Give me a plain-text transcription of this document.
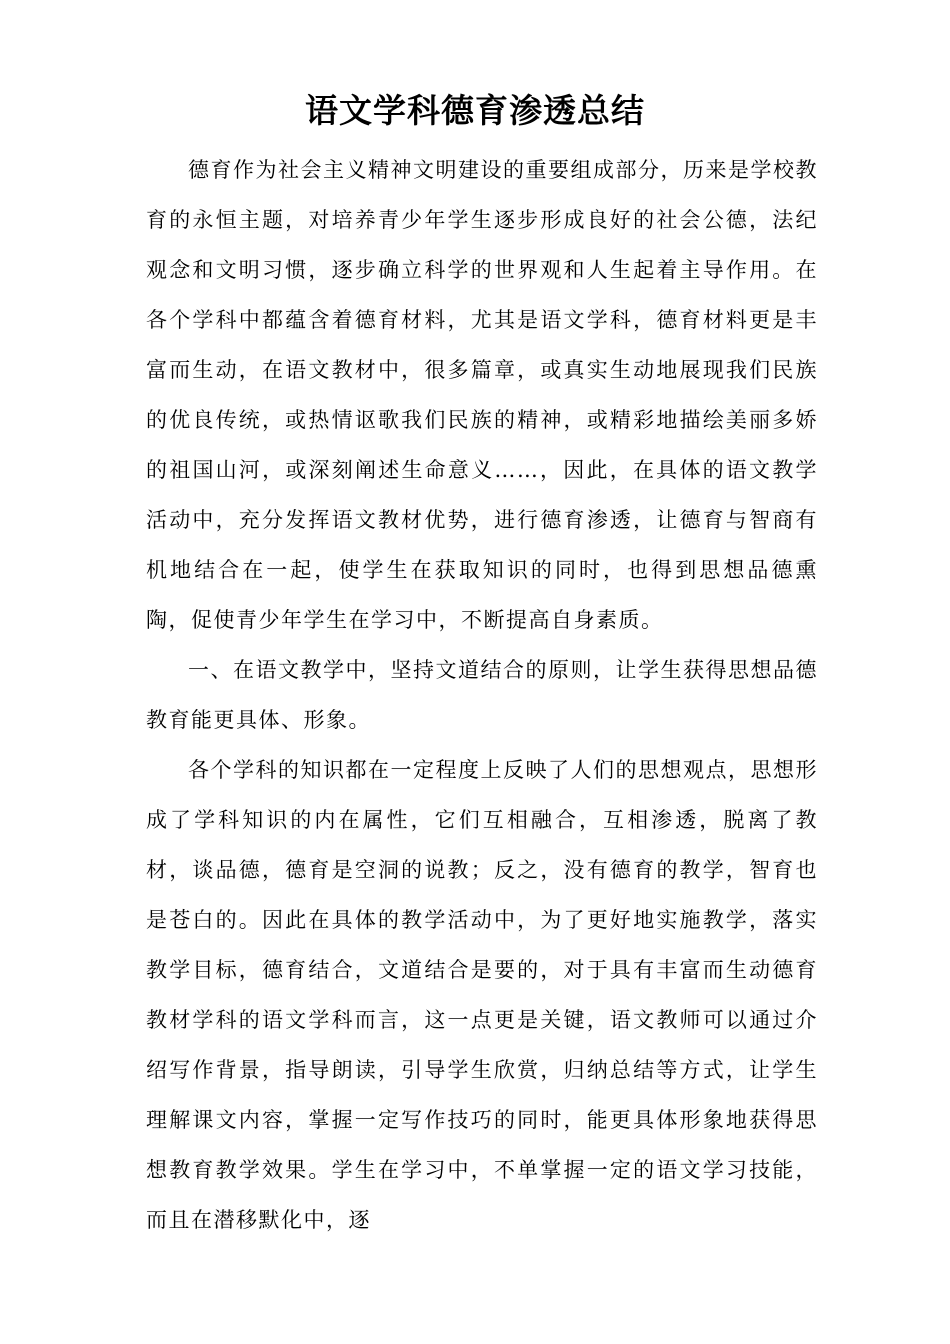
语文学科德育渗透总结

德育作为社会主义精神文明建设的重要组成部分，历来是学校教育的永恒主题，对培养青少年学生逐步形成良好的社会公德，法纪观念和文明习惯，逐步确立科学的世界观和人生起着主导作用。在各个学科中都蕴含着德育材料，尤其是语文学科，德育材料更是丰富而生动，在语文教材中，很多篇章，或真实生动地展现我们民族的优良传统，或热情讴歌我们民族的精神，或精彩地描绘美丽多娇的祖国山河，或深刻阐述生命意义……，因此，在具体的语文教学活动中，充分发挥语文教材优势，进行德育渗透，让德育与智商有机地结合在一起，使学生在获取知识的同时，也得到思想品德熏陶，促使青少年学生在学习中，不断提高自身素质。

一、在语文教学中，坚持文道结合的原则，让学生获得思想品德教育能更具体、形象。

各个学科的知识都在一定程度上反映了人们的思想观点，思想形成了学科知识的内在属性，它们互相融合，互相渗透，脱离了教材，谈品德，德育是空洞的说教；反之，没有德育的教学，智育也是苍白的。因此在具体的教学活动中，为了更好地实施教学，落实教学目标，德育结合，文道结合是要的，对于具有丰富而生动德育教材学科的语文学科而言，这一点更是关键，语文教师可以通过介绍写作背景，指导朗读，引导学生欣赏，归纳总结等方式，让学生理解课文内容，掌握一定写作技巧的同时，能更具体形象地获得思想教育教学效果。学生在学习中，不单掌握一定的语文学习技能，而且在潜移默化中，逐
